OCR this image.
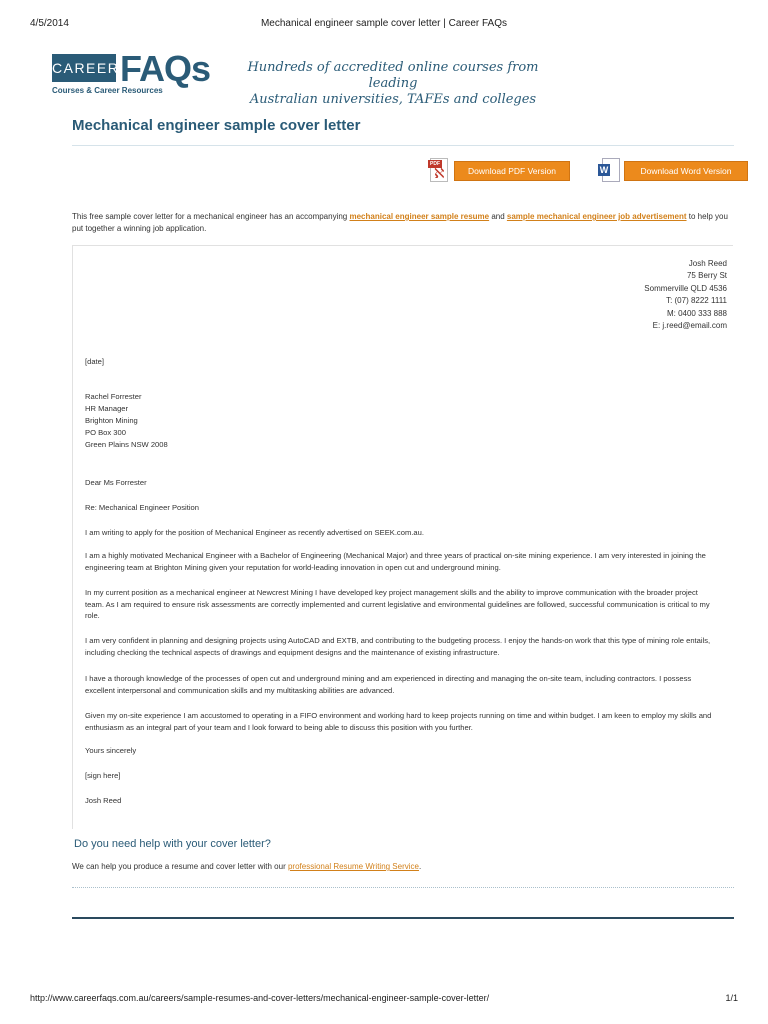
4/5/2014	Mechanical engineer sample cover letter | Career FAQs
CAREER FAQs
Courses & Career Resources
Hundreds of accredited online courses from leading
Australian universities, TAFEs and colleges
Mechanical engineer sample cover letter
PDF
ℵ	Download PDF Version	W	Download Word Version
This free sample cover letter for a mechanical engineer has an accompanying mechanical engineer sample resume and sample mechanical engineer job advertisement to help you put together a winning job application.
Josh Reed
75 Berry St
Sommerville QLD 4536
T: (07) 8222 1111
M: 0400 333 888
E: j.reed@email.com
[date]
Rachel Forrester
HR Manager
Brighton Mining
PO Box 300
Green Plains NSW 2008
Dear Ms Forrester
Re: Mechanical Engineer Position
I am writing to apply for the position of Mechanical Engineer as recently advertised on SEEK.com.au.
I am a highly motivated Mechanical Engineer with a Bachelor of Engineering (Mechanical Major) and three years of practical on-site mining experience. I am very interested in joining the engineering team at Brighton Mining given your reputation for world-leading innovation in open cut and underground mining.
In my current position as a mechanical engineer at Newcrest Mining I have developed key project management skills and the ability to improve communication with the broader project team. As I am required to ensure risk assessments are correctly implemented and current legislative and environmental guidelines are followed, successful communication is critical to my role.
I am very confident in planning and designing projects using AutoCAD and EXTB, and contributing to the budgeting process. I enjoy the hands-on work that this type of mining role entails, including checking the technical aspects of drawings and equipment designs and the maintenance of existing infrastructure.
I have a thorough knowledge of the processes of open cut and underground mining and am experienced in directing and managing the on-site team, including contractors. I possess excellent interpersonal and communication skills and my multitasking abilities are advanced.
Given my on-site experience I am accustomed to operating in a FIFO environment and working hard to keep projects running on time and within budget. I am keen to employ my skills and enthusiasm as an integral part of your team and I look forward to being able to discuss this position with you further.
Yours sincerely
[sign here]
Josh Reed
Do you need help with your cover letter?
We can help you produce a resume and cover letter with our professional Resume Writing Service.
http://www.careerfaqs.com.au/careers/sample-resumes-and-cover-letters/mechanical-engineer-sample-cover-letter/	1/1
